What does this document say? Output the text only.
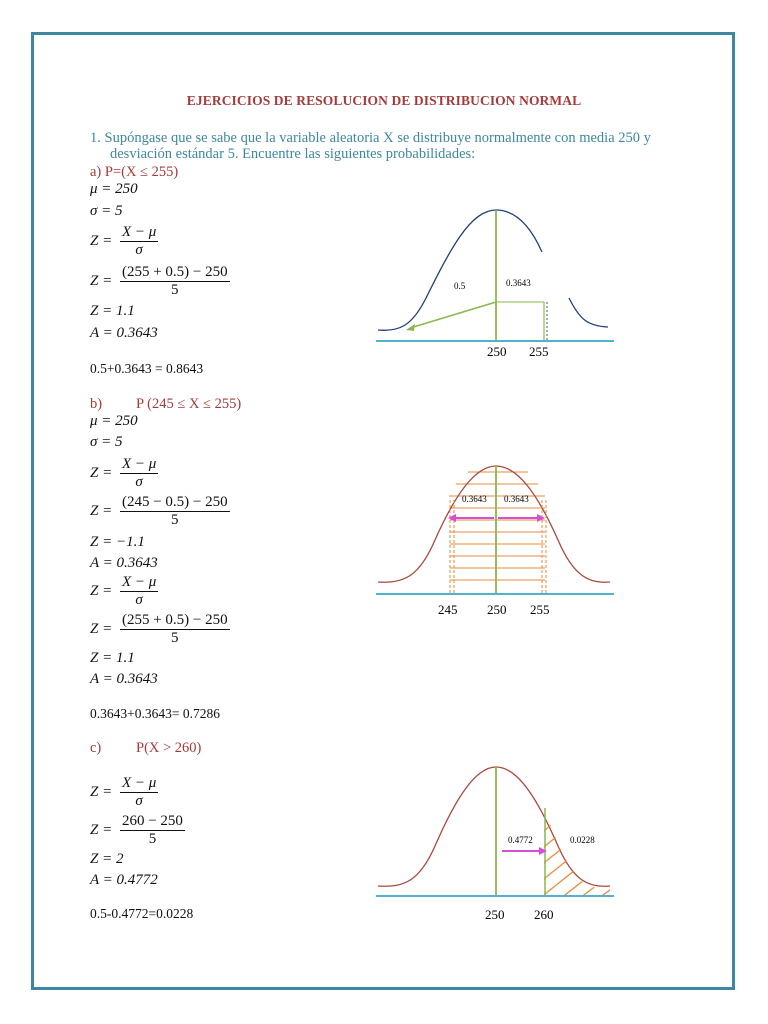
EJERCICIOS DE RESOLUCION DE DISTRIBUCION NORMAL
1. Supóngase que se sabe que la variable aleatoria X se distribuye normalmente con media 250 y
desviación estándar 5. Encuentre las siguientes probabilidades:
a) P=(X ≤ 255)
μ = 250
σ = 5
$Z = \frac{X - \mu}{\sigma}$
$Z = \frac{(255 + 0.5) - 250}{5}$
Z = 1.1
A = 0.3643
0.5+0.3643 = 0.8643
0.5	0.3643
250 255
b) P (245 ≤ X ≤ 255)
μ = 250
σ = 5
$Z = \frac{X - \mu}{\sigma}$
$Z = \frac{(245 - 0.5) - 250}{5}$
Z = −1.1
A = 0.3643
$Z = \frac{X - \mu}{\sigma}$
$Z = \frac{(255 + 0.5) - 250}{5}$
Z = 1.1
A = 0.3643
0.3643+0.3643= 0.7286
0.3643 0.3643
245 250 255
c) P(X > 260)
$Z = \frac{X - \mu}{\sigma}$
$Z = \frac{260 - 250}{5}$
Z = 2
A = 0.4772
0.5-0.4772=0.0228
0.4772	0.0228
250 260
